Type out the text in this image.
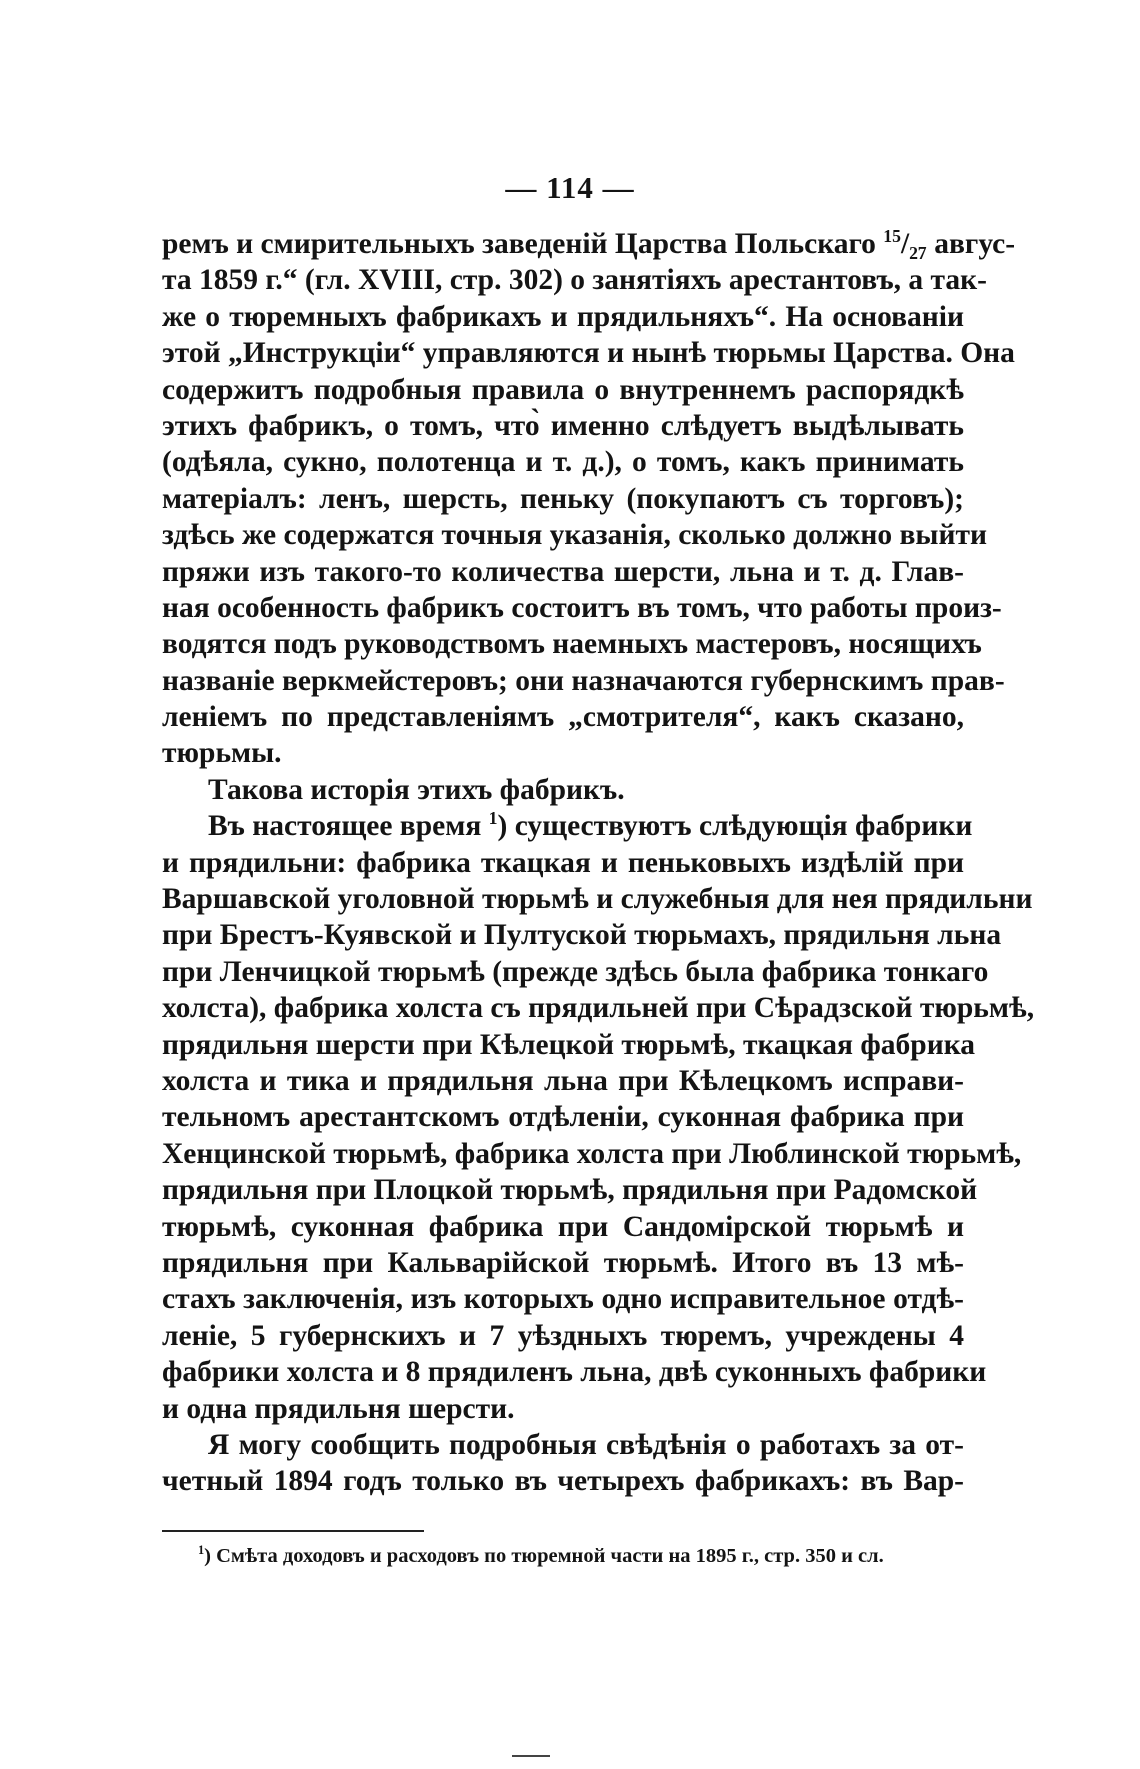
— 114 —
ремъ и смирительныхъ заведеній Царства Польскаго $^{15}$/₂₇ авгус-
та 1859 г.“ (гл. XVIII, стр. 302) о занятіяхъ арестантовъ, а так-
же о тюремныхъ фабрикахъ и прядильняхъ“. На основаніи
этой „Инструкціи“ управляются и нынѣ тюрьмы Царства. Она
содержитъ подробныя правила о внутреннемъ распорядкѣ
этихъ фабрикъ, о томъ, что̀ именно слѣдуетъ выдѣлывать
(одѣяла, сукно, полотенца и т. д.), о томъ, какъ принимать
матеріалъ: ленъ, шерсть, пеньку (покупаютъ съ торговъ);
здѣсь же содержатся точныя указанія, сколько должно выйти
пряжи изъ такого-то количества шерсти, льна и т. д. Глав-
ная особенность фабрикъ состоитъ въ томъ, что работы произ-
водятся подъ руководствомъ наемныхъ мастеровъ, носящихъ
названіе веркмейстеровъ; они назначаются губернскимъ прав-
леніемъ по представленіямъ „смотрителя“, какъ сказано,
тюрьмы.
Такова исторія этихъ фабрикъ.
Въ настоящее время $^1$) существуютъ слѣдующія фабрики
и прядильни: фабрика ткацкая и пеньковыхъ издѣлій при
Варшавской уголовной тюрьмѣ и служебныя для нея прядильни
при Брестъ-Куявской и Пултуской тюрьмахъ, прядильня льна
при Ленчицкой тюрьмѣ (прежде здѣсь была фабрика тонкаго
холста), фабрика холста съ прядильней при Сѣрадзской тюрьмѣ,
прядильня шерсти при Кѣлецкой тюрьмѣ, ткацкая фабрика
холста и тика и прядильня льна при Кѣлецкомъ исправи-
тельномъ арестантскомъ отдѣленіи, суконная фабрика при
Хенцинской тюрьмѣ, фабрика холста при Люблинской тюрьмѣ,
прядильня при Плоцкой тюрьмѣ, прядильня при Радомской
тюрьмѣ, суконная фабрика при Сандомірской тюрьмѣ и
прядильня при Кальварійской тюрьмѣ. Итого въ 13 мѣ-
стахъ заключенія, изъ которыхъ одно исправительное отдѣ-
леніе, 5 губернскихъ и 7 уѣздныхъ тюремъ, учреждены 4
фабрики холста и 8 прядиленъ льна, двѣ суконныхъ фабрики
и одна прядильня шерсти.
Я могу сообщить подробныя свѣдѣнія о работахъ за от-
четный 1894 годъ только въ четырехъ фабрикахъ: въ Вар-
$^1$) Смѣта доходовъ и расходовъ по тюремной части на 1895 г., стр. 350 и сл.
